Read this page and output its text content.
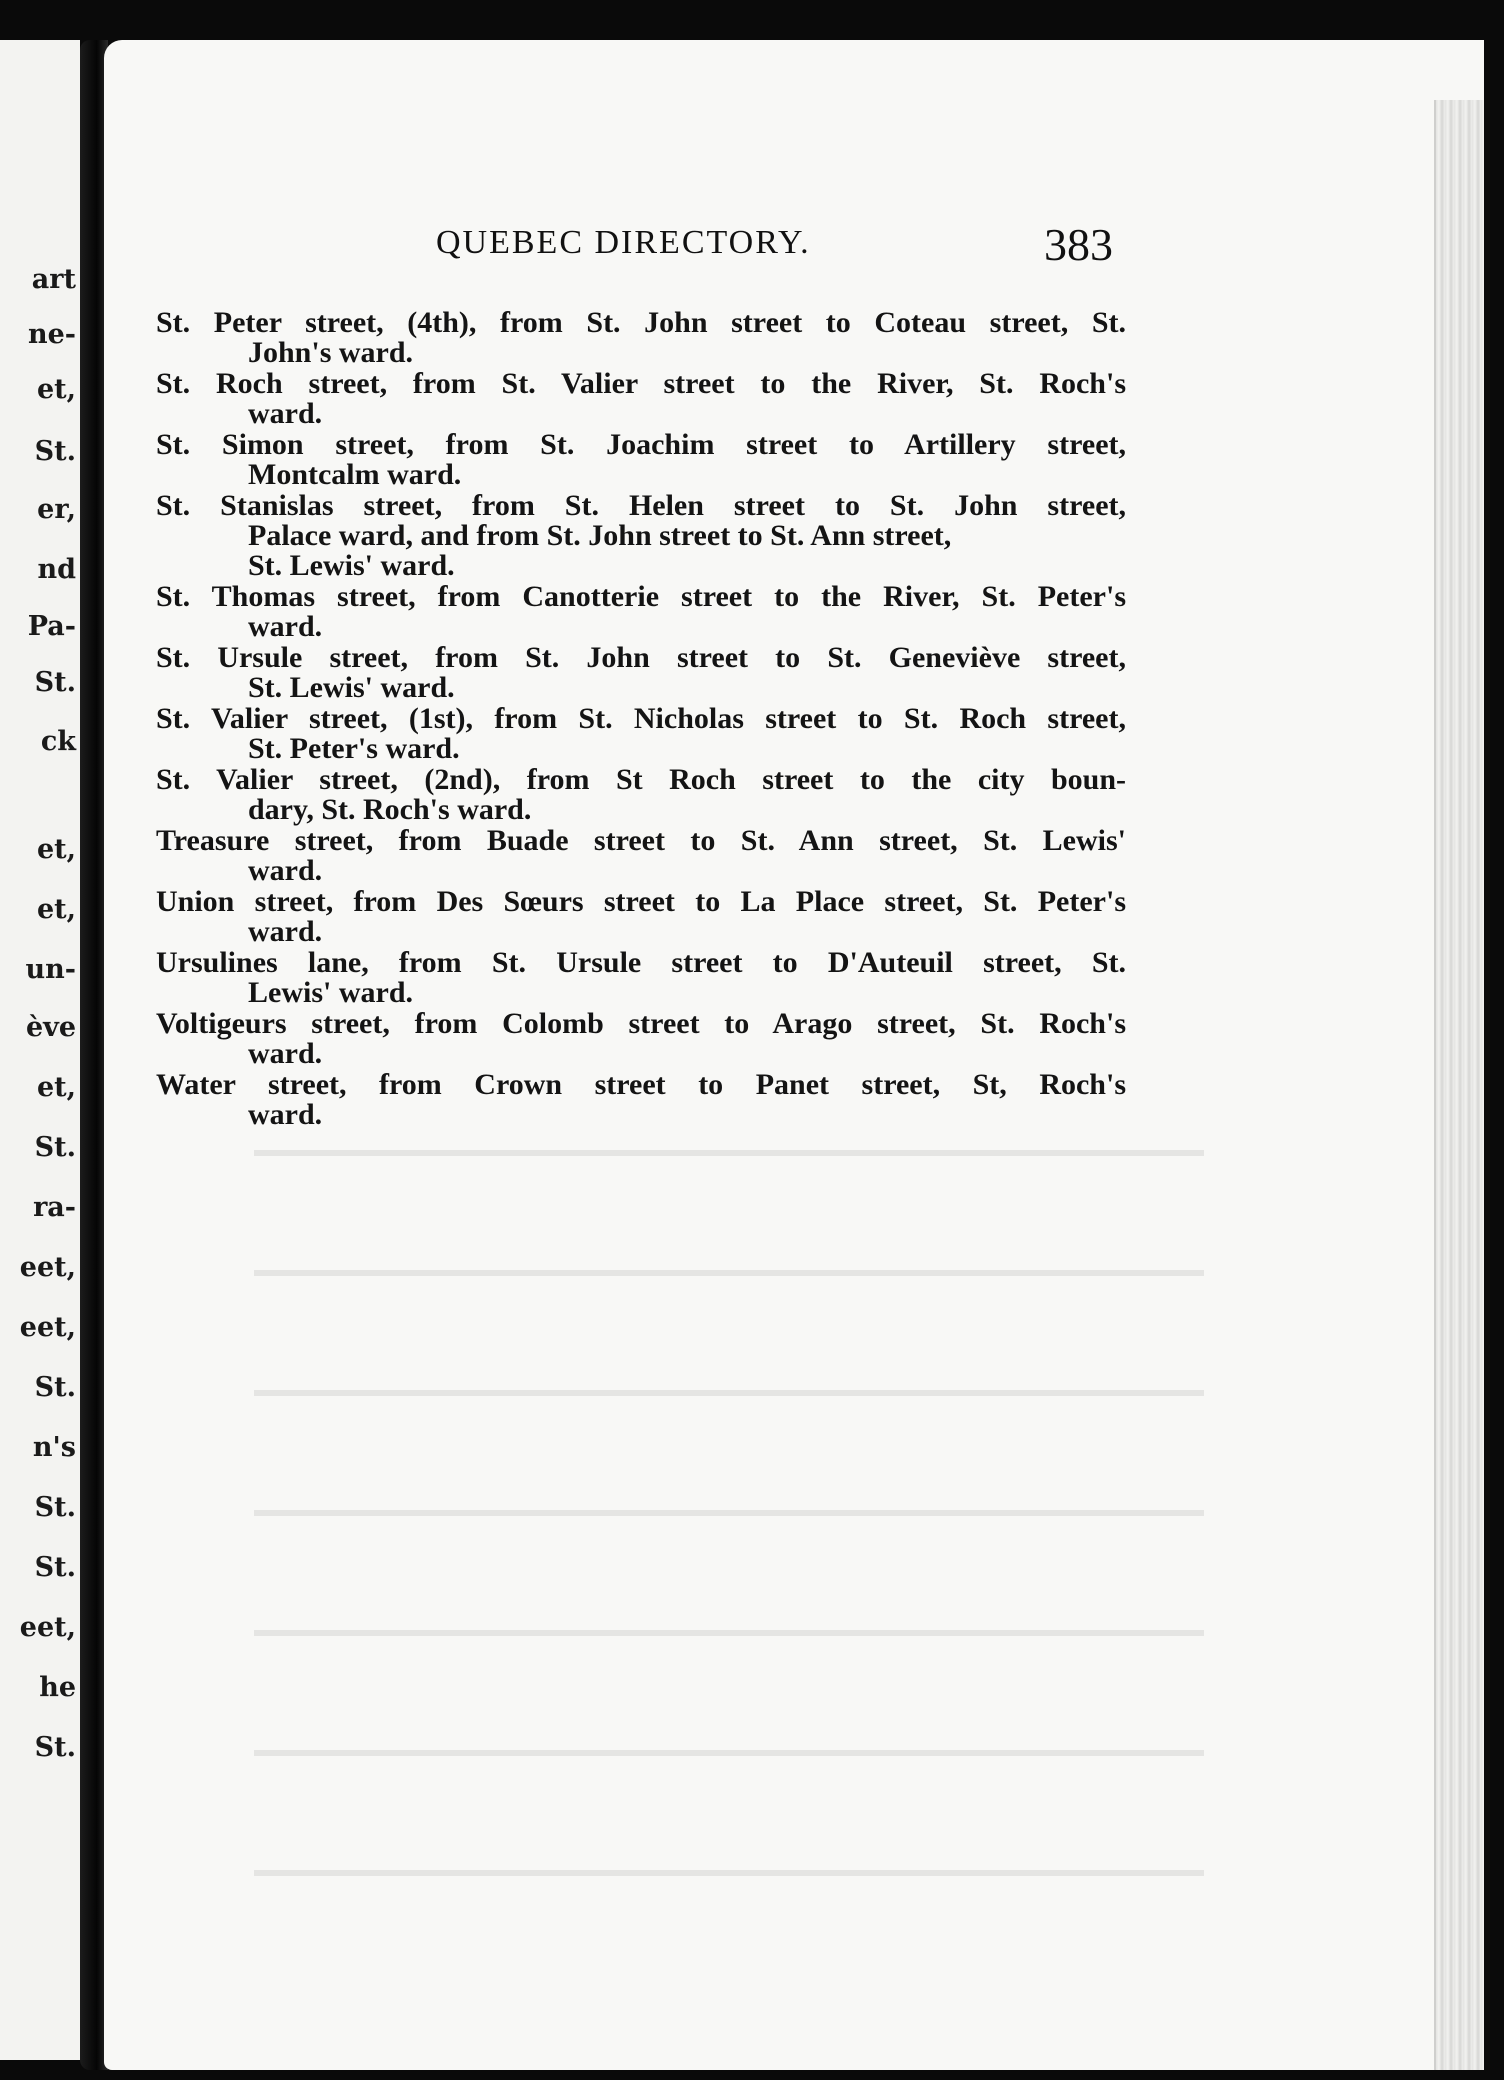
art
ne-
et,
St.
er,
nd
Pa-
St.
ck
et,
et,
un-
ève
et,
St.
ra-
eet,
eet,
St.
n's
St.
St.
eet,
he
St.
QUEBEC DIRECTORY.	383
St. Peter street, (4th), from St. John street to Coteau street, St.
John's ward.
St. Roch street, from St. Valier street to the River, St. Roch's
ward.
St. Simon street, from St. Joachim street to Artillery street,
Montcalm ward.
St. Stanislas street, from St. Helen street to St. John street,
Palace ward, and from St. John street to St. Ann street,
St. Lewis' ward.
St. Thomas street, from Canotterie street to the River, St. Peter's
ward.
St. Ursule street, from St. John street to St. Geneviève street,
St. Lewis' ward.
St. Valier street, (1st), from St. Nicholas street to St. Roch street,
St. Peter's ward.
St. Valier street, (2nd), from St Roch street to the city boun-
dary, St. Roch's ward.
Treasure street, from Buade street to St. Ann street, St. Lewis'
ward.
Union street, from Des Sœurs street to La Place street, St. Peter's
ward.
Ursulines lane, from St. Ursule street to D'Auteuil street, St.
Lewis' ward.
Voltigeurs street, from Colomb street to Arago street, St. Roch's
ward.
Water street, from Crown street to Panet street, St, Roch's
ward.
